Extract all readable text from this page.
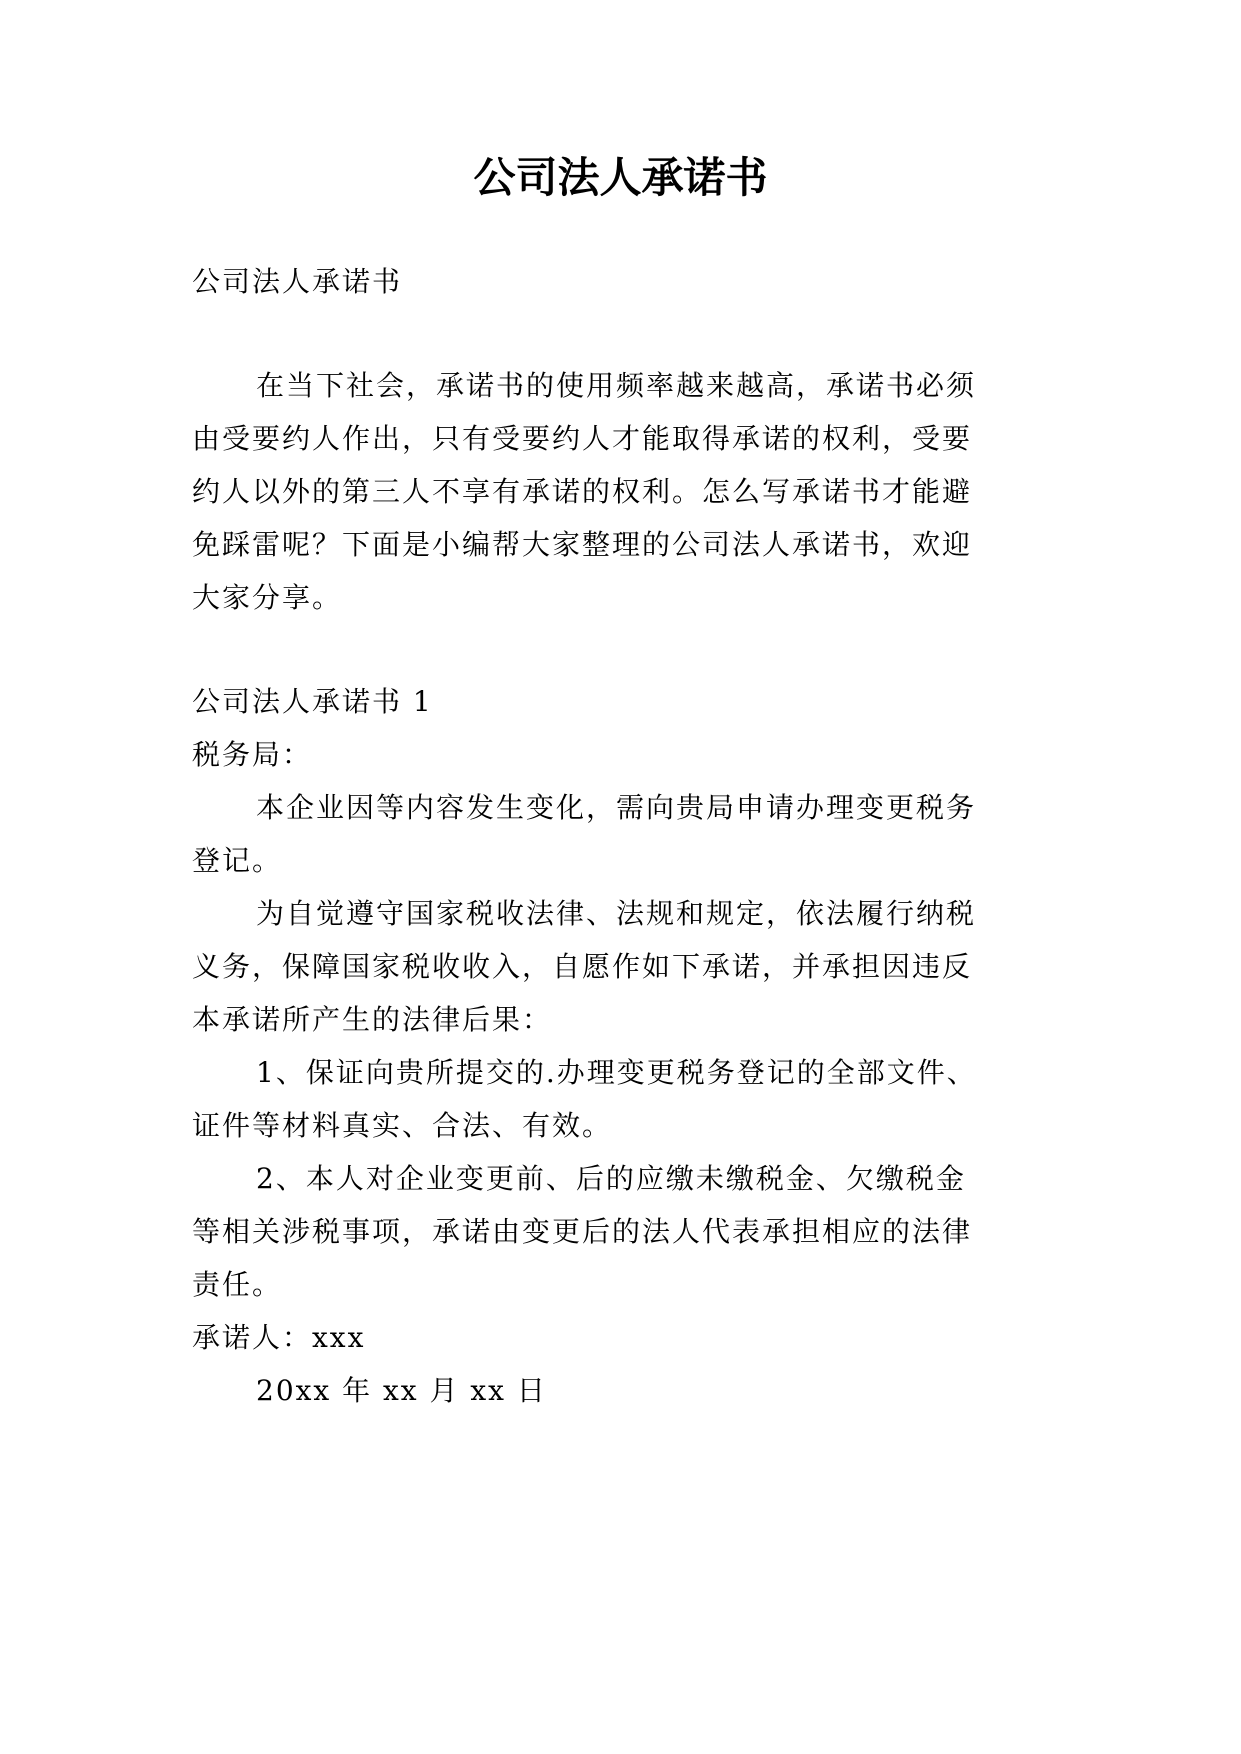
公司法人承诺书

公司法人承诺书

在当下社会，承诺书的使用频率越来越高，承诺书必须

由受要约人作出，只有受要约人才能取得承诺的权利，受要

约人以外的第三人不享有承诺的权利。怎么写承诺书才能避

免踩雷呢？下面是小编帮大家整理的公司法人承诺书，欢迎

大家分享。

公司法人承诺书 1

税务局：

本企业因等内容发生变化，需向贵局申请办理变更税务

登记。

为自觉遵守国家税收法律、法规和规定，依法履行纳税

义务，保障国家税收收入，自愿作如下承诺，并承担因违反

本承诺所产生的法律后果：

1、保证向贵所提交的.办理变更税务登记的全部文件、

证件等材料真实、合法、有效。

2、本人对企业变更前、后的应缴未缴税金、欠缴税金

等相关涉税事项，承诺由变更后的法人代表承担相应的法律

责任。

承诺人：xxx

20xx 年 xx 月 xx 日
